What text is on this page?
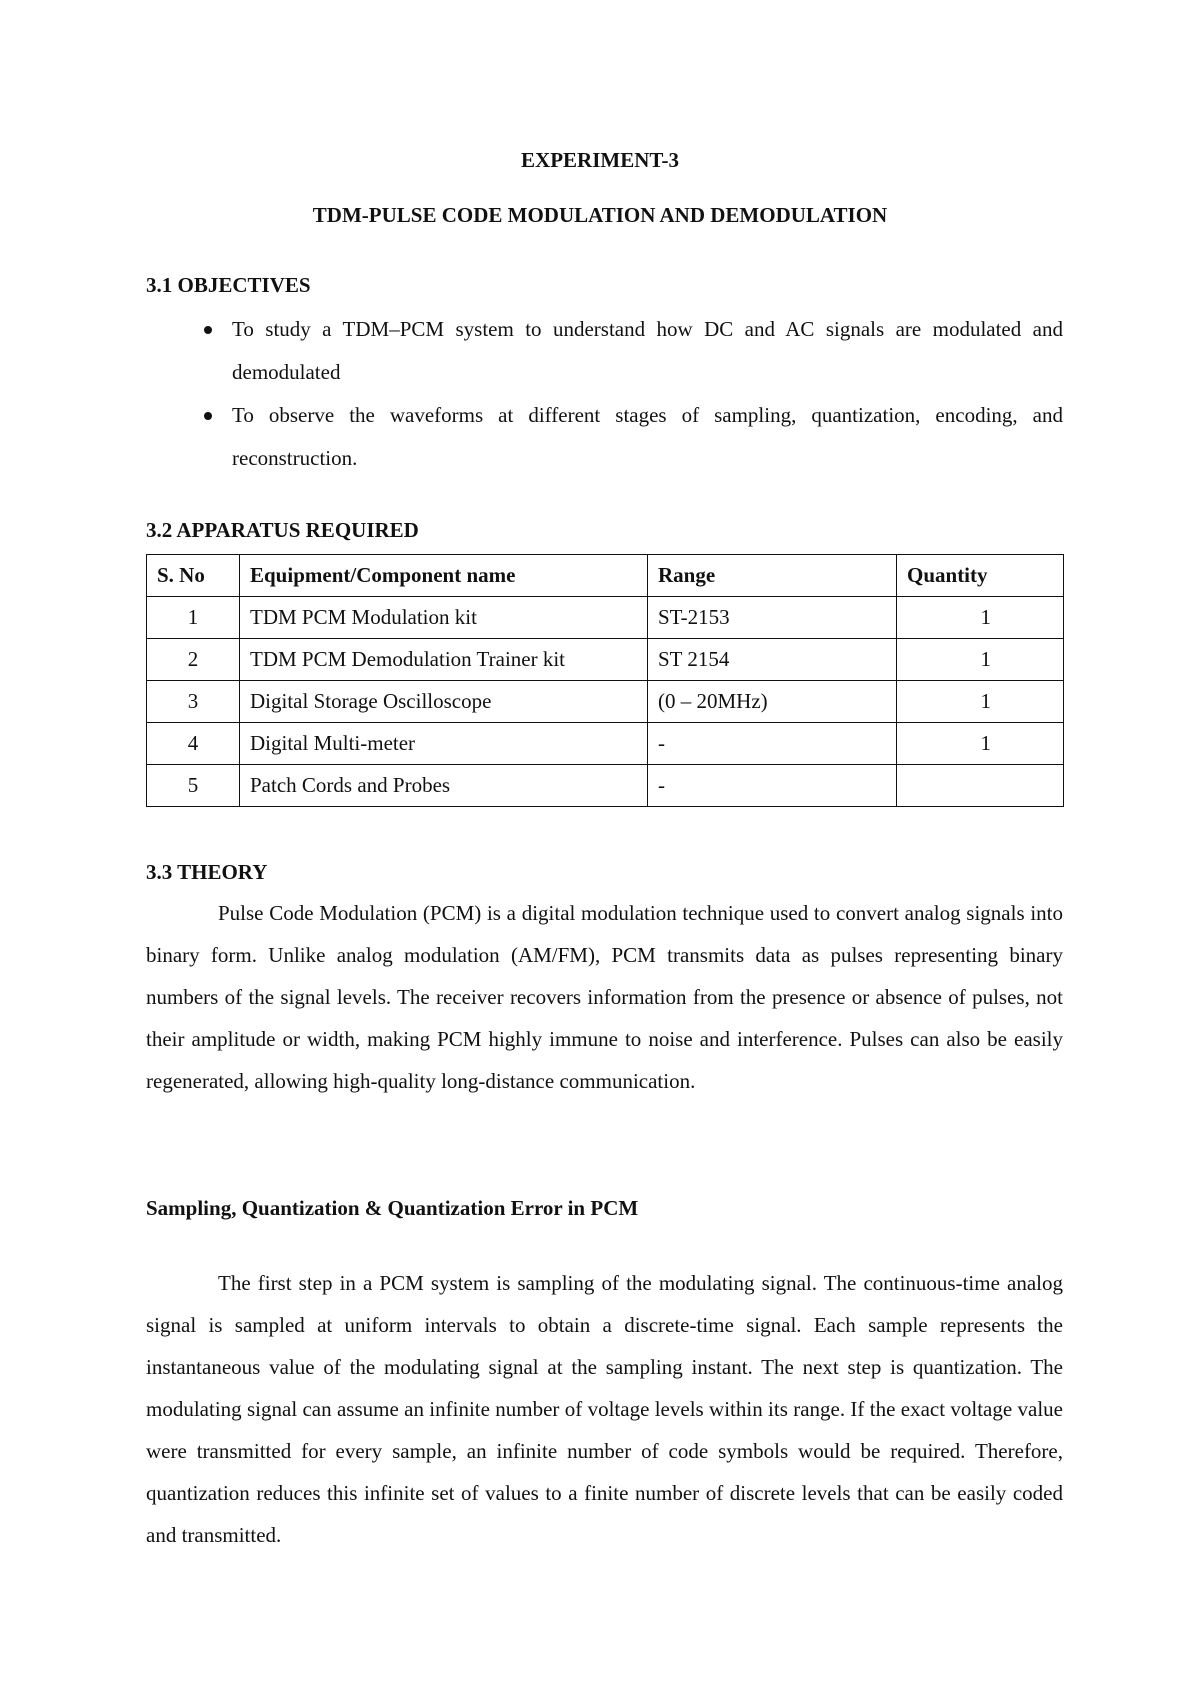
EXPERIMENT-3
TDM-PULSE CODE MODULATION AND DEMODULATION
3.1 OBJECTIVES
To study a TDM–PCM system to understand how DC and AC signals are modulated and demodulated
To observe the waveforms at different stages of sampling, quantization, encoding, and reconstruction.
3.2 APPARATUS REQUIRED
S. No	Equipment/Component name	Range	Quantity
1	TDM PCM Modulation kit	ST-2153	1
2	TDM PCM Demodulation Trainer kit	ST 2154	1
3	Digital Storage Oscilloscope	(0 – 20MHz)	1
4	Digital Multi-meter	-	1
5	Patch Cords and Probes	-	
3.3 THEORY
Pulse Code Modulation (PCM) is a digital modulation technique used to convert analog signals into binary form. Unlike analog modulation (AM/FM), PCM transmits data as pulses representing binary numbers of the signal levels. The receiver recovers information from the presence or absence of pulses, not their amplitude or width, making PCM highly immune to noise and interference. Pulses can also be easily regenerated, allowing high-quality long-distance communication.
Sampling, Quantization & Quantization Error in PCM
The first step in a PCM system is sampling of the modulating signal. The continuous-time analog signal is sampled at uniform intervals to obtain a discrete-time signal. Each sample represents the instantaneous value of the modulating signal at the sampling instant. The next step is quantization. The modulating signal can assume an infinite number of voltage levels within its range. If the exact voltage value were transmitted for every sample, an infinite number of code symbols would be required. Therefore, quantization reduces this infinite set of values to a finite number of discrete levels that can be easily coded and transmitted.
